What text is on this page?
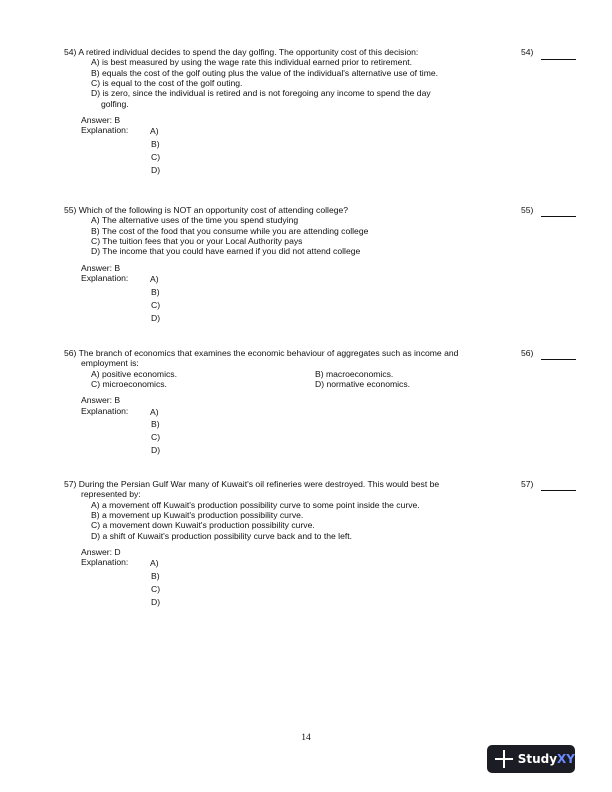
54)
54) A retired individual decides to spend the day golfing. The opportunity cost of this decision:
A) is best measured by using the wage rate this individual earned prior to retirement.
B) equals the cost of the golf outing plus the value of the individual's alternative use of time.
C) is equal to the cost of the golf outing.
D) is zero, since the individual is retired and is not foregoing any income to spend the day
golfing.
Answer: B
Explanation:	A)
B)
C)
D)
55)
55) Which of the following is NOT an opportunity cost of attending college?
A) The alternative uses of the time you spend studying
B) The cost of the food that you consume while you are attending college
C) The tuition fees that you or your Local Authority pays
D) The income that you could have earned if you did not attend college
Answer: B
Explanation:	A)
B)
C)
D)
56)
56) The branch of economics that examines the economic behaviour of aggregates such as income and
employment is:
A) positive economics.	B) macroeconomics.
C) microeconomics.	D) normative economics.
Answer: B
Explanation:	A)
B)
C)
D)
57)
57) During the Persian Gulf War many of Kuwait's oil refineries were destroyed. This would best be
represented by:
A) a movement off Kuwait's production possibility curve to some point inside the curve.
B) a movement up Kuwait's production possibility curve.
C) a movement down Kuwait's production possibility curve.
D) a shift of Kuwait's production possibility curve back and to the left.
Answer: D
Explanation:	A)
B)
C)
D)
14
Study XY
